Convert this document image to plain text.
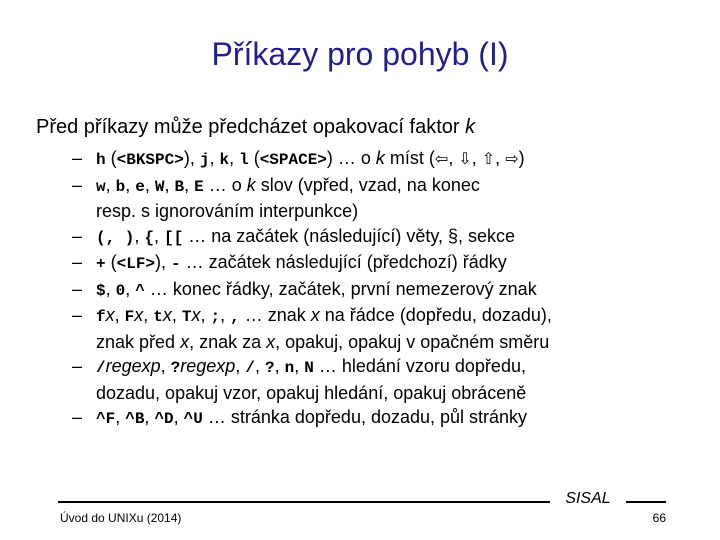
Příkazy pro pohyb (I)
Před příkazy může předcházet opakovací faktor k
– h (<BKSPC>), j, k, l (<SPACE>) … o k míst (⇦, ⇩, ⇧, ⇨)
– w, b, e, W, B, E … o k slov (vpřed, vzad, na konec
resp. s ignorováním interpunkce)
– (, ), {, [[ … na začátek (následující) věty, §, sekce
– + (<LF>), - … začátek následující (předchozí) řádky
– $, 0, ^ … konec řádky, začátek, první nemezerový znak
– fx, Fx, tx, Tx, ;, , … znak x na řádce (dopředu, dozadu),
znak před x, znak za x, opakuj, opakuj v opačném směru
– /regexp, ?regexp, /, ?, n, N … hledání vzoru dopředu,
dozadu, opakuj vzor, opakuj hledání, opakuj obráceně
– ^F, ^B, ^D, ^U … stránka dopředu, dozadu, půl stránky
Úvod do UNIXu (2014)
SISAL
66
